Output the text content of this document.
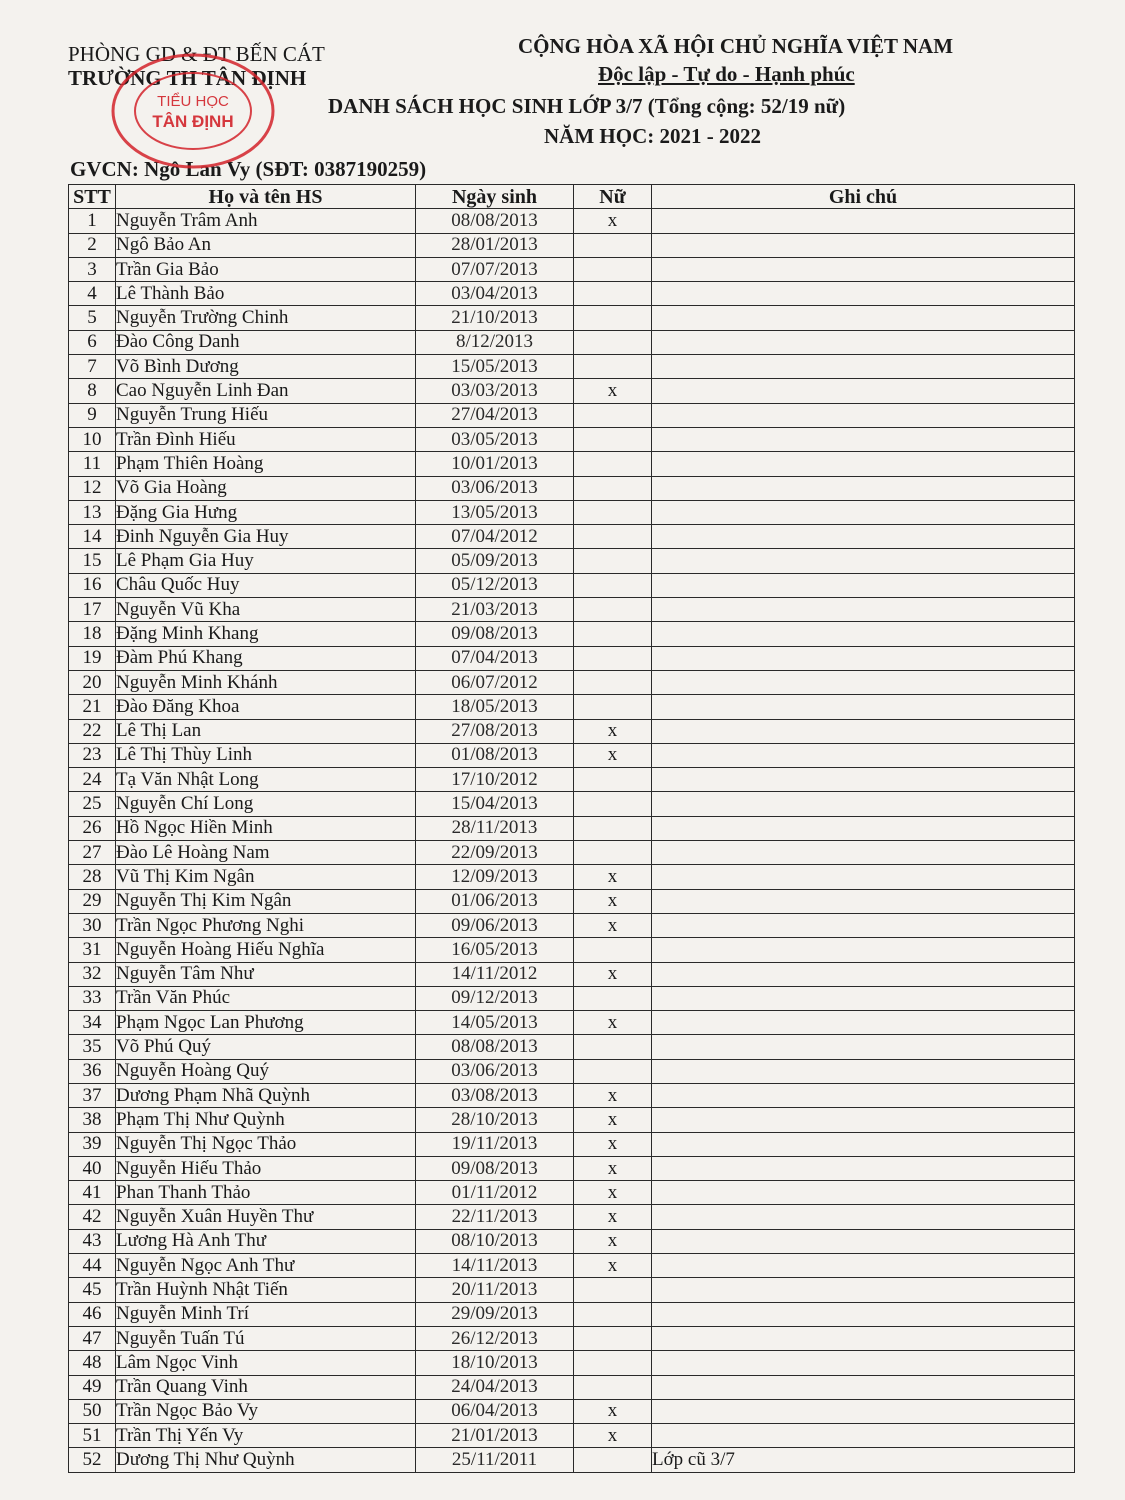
PHÒNG GD & ĐT BẾN CÁT
TRƯỜNG TH TÂN ĐỊNH
CỘNG HÒA XÃ HỘI CHỦ NGHĨA VIỆT NAM
Độc lập - Tự do - Hạnh phúc
DANH SÁCH HỌC SINH LỚP 3/7 (Tổng cộng: 52/19 nữ)
NĂM HỌC: 2021 - 2022
GVCN: Ngô Lan Vy (SĐT: 0387190259)
TIỂU HỌC
TÂN ĐỊNH
STT	Họ và tên HS	Ngày sinh	Nữ	Ghi chú
1	Nguyễn Trâm Anh	08/08/2013	x	
2	Ngô Bảo An	28/01/2013		
3	Trần Gia Bảo	07/07/2013		
4	Lê Thành Bảo	03/04/2013		
5	Nguyễn Trường Chinh	21/10/2013		
6	Đào Công Danh	8/12/2013		
7	Võ Bình Dương	15/05/2013		
8	Cao Nguyễn Linh Đan	03/03/2013	x	
9	Nguyễn Trung Hiếu	27/04/2013		
10	Trần Đình Hiếu	03/05/2013		
11	Phạm Thiên Hoàng	10/01/2013		
12	Võ Gia Hoàng	03/06/2013		
13	Đặng Gia Hưng	13/05/2013		
14	Đinh Nguyễn Gia Huy	07/04/2012		
15	Lê Phạm Gia Huy	05/09/2013		
16	Châu Quốc Huy	05/12/2013		
17	Nguyễn Vũ Kha	21/03/2013		
18	Đặng Minh Khang	09/08/2013		
19	Đàm Phú Khang	07/04/2013		
20	Nguyễn Minh Khánh	06/07/2012		
21	Đào Đăng Khoa	18/05/2013		
22	Lê Thị Lan	27/08/2013	x	
23	Lê Thị Thùy Linh	01/08/2013	x	
24	Tạ Văn Nhật Long	17/10/2012		
25	Nguyễn Chí Long	15/04/2013		
26	Hồ Ngọc Hiền Minh	28/11/2013		
27	Đào Lê Hoàng Nam	22/09/2013		
28	Vũ Thị Kim Ngân	12/09/2013	x	
29	Nguyễn Thị Kim Ngân	01/06/2013	x	
30	Trần Ngọc Phương Nghi	09/06/2013	x	
31	Nguyễn Hoàng Hiếu Nghĩa	16/05/2013		
32	Nguyễn Tâm Như	14/11/2012	x	
33	Trần Văn Phúc	09/12/2013		
34	Phạm Ngọc Lan Phương	14/05/2013	x	
35	Võ Phú Quý	08/08/2013		
36	Nguyễn Hoàng Quý	03/06/2013		
37	Dương Phạm Nhã Quỳnh	03/08/2013	x	
38	Phạm Thị Như Quỳnh	28/10/2013	x	
39	Nguyễn Thị Ngọc Thảo	19/11/2013	x	
40	Nguyễn Hiếu Thảo	09/08/2013	x	
41	Phan Thanh Thảo	01/11/2012	x	
42	Nguyễn Xuân Huyền Thư	22/11/2013	x	
43	Lương Hà Anh Thư	08/10/2013	x	
44	Nguyễn Ngọc Anh Thư	14/11/2013	x	
45	Trần Huỳnh Nhật Tiến	20/11/2013		
46	Nguyễn Minh Trí	29/09/2013		
47	Nguyễn Tuấn Tú	26/12/2013		
48	Lâm Ngọc Vinh	18/10/2013		
49	Trần Quang Vinh	24/04/2013		
50	Trần Ngọc Bảo Vy	06/04/2013	x	
51	Trần Thị Yến Vy	21/01/2013	x	
52	Dương Thị Như Quỳnh	25/11/2011		Lớp cũ 3/7
